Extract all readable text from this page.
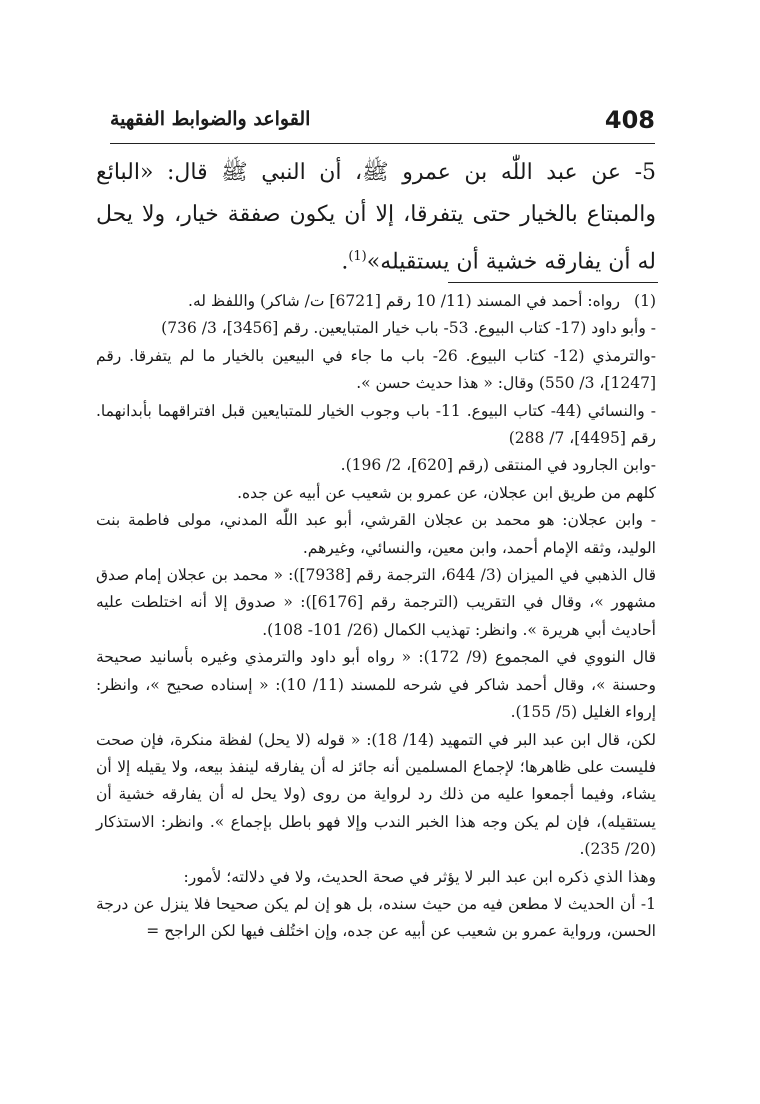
408
القواعد والضوابط الفقهية

5- عن عبد اللّٰه بن عمرو ﷺ، أن النبي ﷺ قال: «البائع والمبتاع بالخيار حتى يتفرقا، إلا أن يكون صفقة خيار، ولا يحل له أن يفارقه خشية أن يستقيله»$^{(1)}$.

(1)رواه: أحمد في المسند (11/ 10 رقم [6721] ت/ شاكر) واللفظ له.

- وأبو داود (17- كتاب البيوع. 53- باب خيار المتبايعين. رقم [3456]، 3/ 736)

-والترمذي (12- كتاب البيوع. 26- باب ما جاء في البيعين بالخيار ما لم يتفرقا. رقم [1247]، 3/ 550) وقال: « هذا حديث حسن ».

- والنسائي (44- كتاب البيوع. 11- باب وجوب الخيار للمتبايعين قبل افتراقهما بأبدانهما. رقم [4495]، 7/ 288)

-وابن الجارود في المنتقى (رقم [620]، 2/ 196).

كلهم من طريق ابن عجلان، عن عمرو بن شعيب عن أبيه عن جده.

- وابن عجلان: هو محمد بن عجلان القرشي، أبو عبد اللّٰه المدني، مولى فاطمة بنت الوليد، وثقه الإمام أحمد، وابن معين، والنسائي، وغيرهم.

قال الذهبي في الميزان (3/ 644، الترجمة رقم [7938]): « محمد بن عجلان إمام صدق مشهور »، وقال في التقريب (الترجمة رقم [6176]): « صدوق إلا أنه اختلطت عليه أحاديث أبي هريرة ». وانظر: تهذيب الكمال (26/ 101- 108).

قال النووي في المجموع (9/ 172): « رواه أبو داود والترمذي وغيره بأسانيد صحيحة وحسنة »، وقال أحمد شاكر في شرحه للمسند (11/ 10): « إسناده صحيح »، وانظر: إرواء الغليل (5/ 155).

لكن، قال ابن عبد البر في التمهيد (14/ 18): « قوله (لا يحل) لفظة منكرة، فإن صحت فليست على ظاهرها؛ لإجماع المسلمين أنه جائز له أن يفارقه لينفذ بيعه، ولا يقيله إلا أن يشاء، وفيما أجمعوا عليه من ذلك رد لرواية من روى (ولا يحل له أن يفارقه خشية أن يستقيله)، فإن لم يكن وجه هذا الخبر الندب وإلا فهو باطل بإجماع ». وانظر: الاستذكار (20/ 235).

وهذا الذي ذكره ابن عبد البر لا يؤثر في صحة الحديث، ولا في دلالته؛ لأمور:

1- أن الحديث لا مطعن فيه من حيث سنده، بل هو إن لم يكن صحيحا فلا ينزل عن درجة الحسن، ورواية عمرو بن شعيب عن أبيه عن جده، وإن اختُلف فيها لكن الراجح =
